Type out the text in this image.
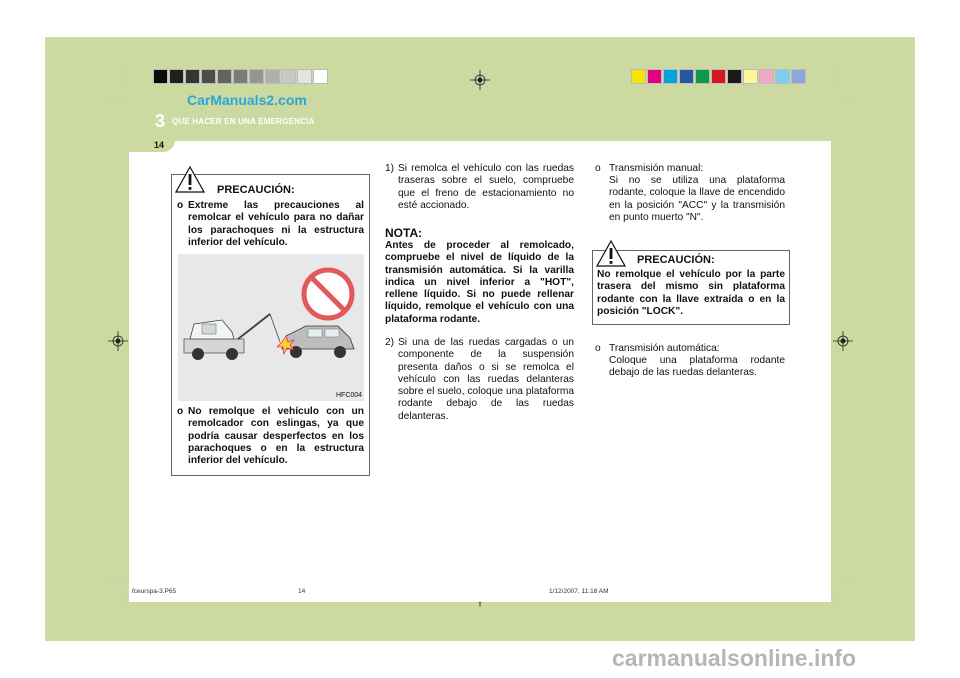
CarManuals2.com
3 QUE HACER EN UNA EMERGENCIA
14
PRECAUCIÓN:
o Extreme las precauciones al remolcar el vehículo para no dañar los parachoques ni la estructura inferior del vehículo.
HFC004
o No remolque el vehículo con un remolcador con eslingas, ya que podría causar desperfectos en los parachoques o en la estructura inferior del vehículo.
1) Si remolca el vehículo con las ruedas traseras sobre el suelo, compruebe que el freno de estacionamiento no esté accionado.
NOTA:
Antes de proceder al remolcado, compruebe el nivel de líquido de la transmisión automática. Si la varilla indica un nivel inferior a "HOT", rellene líquido. Si no puede rellenar líquido, remolque el vehículo con una plataforma rodante.
2) Si una de las ruedas cargadas o un componente de la suspensión presenta daños o si se remolca el vehículo con las ruedas delanteras sobre el suelo, coloque una plataforma rodante debajo de las ruedas delanteras.
o Transmisión manual:
Si no se utiliza una plataforma rodante, coloque la llave de encendido en la posición "ACC" y la transmisión en punto muerto "N".
PRECAUCIÓN:
No remolque el vehículo por la parte trasera del mismo sin plataforma rodante con la llave extraída o en la posición "LOCK".
o Transmisión automática:
Coloque una plataforma rodante debajo de las ruedas delanteras.
fceurspa-3.P65	14	1/12/2007, 11:18 AM
carmanualsonline.info
